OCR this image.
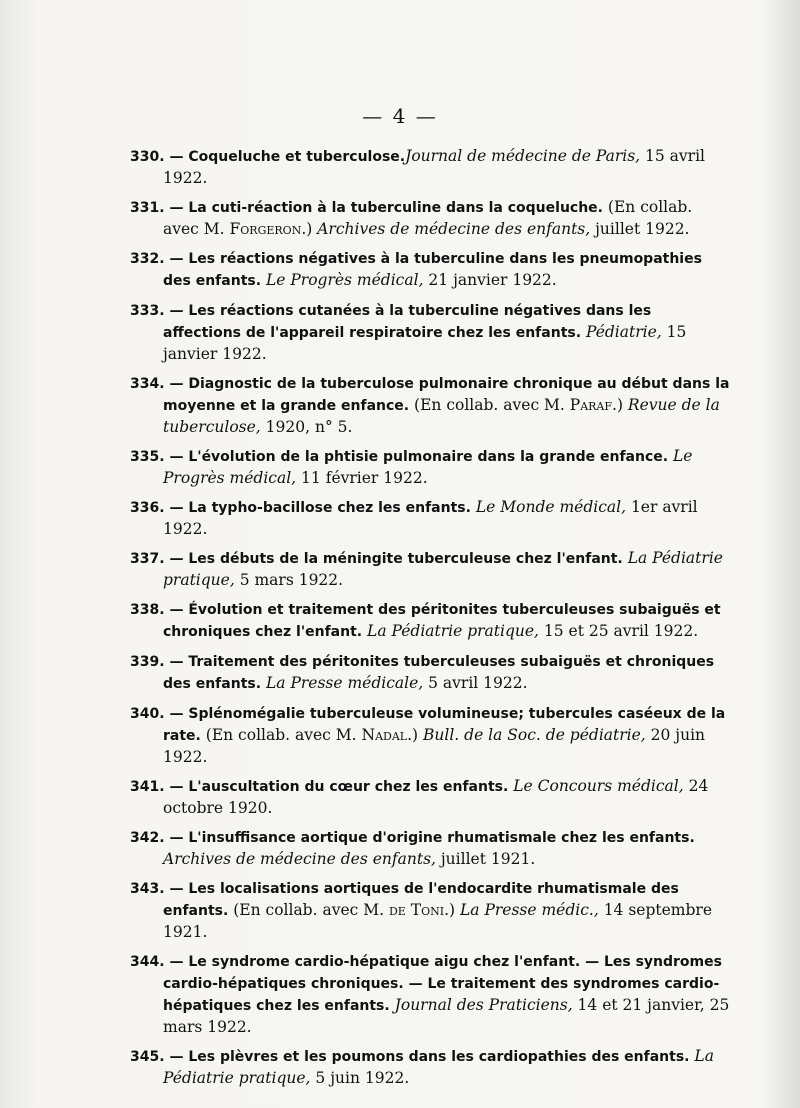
— 4 —
330. — Coqueluche et tuberculose.Journal de médecine de Paris, 15 avril 1922.
331. — La cuti-réaction à la tuberculine dans la coqueluche. (En collab. avec M. Forgeron.) Archives de médecine des enfants, juillet 1922.
332. — Les réactions négatives à la tuberculine dans les pneumopathies des enfants. Le Progrès médical, 21 janvier 1922.
333. — Les réactions cutanées à la tuberculine négatives dans les affections de l'appareil respiratoire chez les enfants. Pédiatrie, 15 janvier 1922.
334. — Diagnostic de la tuberculose pulmonaire chronique au début dans la moyenne et la grande enfance. (En collab. avec M. Paraf.) Revue de la tuberculose, 1920, n° 5.
335. — L'évolution de la phtisie pulmonaire dans la grande enfance. Le Progrès médical, 11 février 1922.
336. — La typho-bacillose chez les enfants. Le Monde médical, 1er avril 1922.
337. — Les débuts de la méningite tuberculeuse chez l'enfant. La Pédiatrie pratique, 5 mars 1922.
338. — Évolution et traitement des péritonites tuberculeuses subaiguës et chroniques chez l'enfant. La Pédiatrie pratique, 15 et 25 avril 1922.
339. — Traitement des péritonites tuberculeuses subaiguës et chroniques des enfants. La Presse médicale, 5 avril 1922.
340. — Splénomégalie tuberculeuse volumineuse; tubercules caséeux de la rate. (En collab. avec M. Nadal.) Bull. de la Soc. de pédiatrie, 20 juin 1922.
341. — L'auscultation du cœur chez les enfants. Le Concours médical, 24 octobre 1920.
342. — L'insuffisance aortique d'origine rhumatismale chez les enfants. Archives de médecine des enfants, juillet 1921.
343. — Les localisations aortiques de l'endocardite rhumatismale des enfants. (En collab. avec M. de Toni.) La Presse médic., 14 septembre 1921.
344. — Le syndrome cardio-hépatique aigu chez l'enfant. — Les syndromes cardio-hépatiques chroniques. — Le traitement des syndromes cardio-hépatiques chez les enfants. Journal des Praticiens, 14 et 21 janvier, 25 mars 1922.
345. — Les plèvres et les poumons dans les cardiopathies des enfants. La Pédiatrie pratique, 5 juin 1922.
